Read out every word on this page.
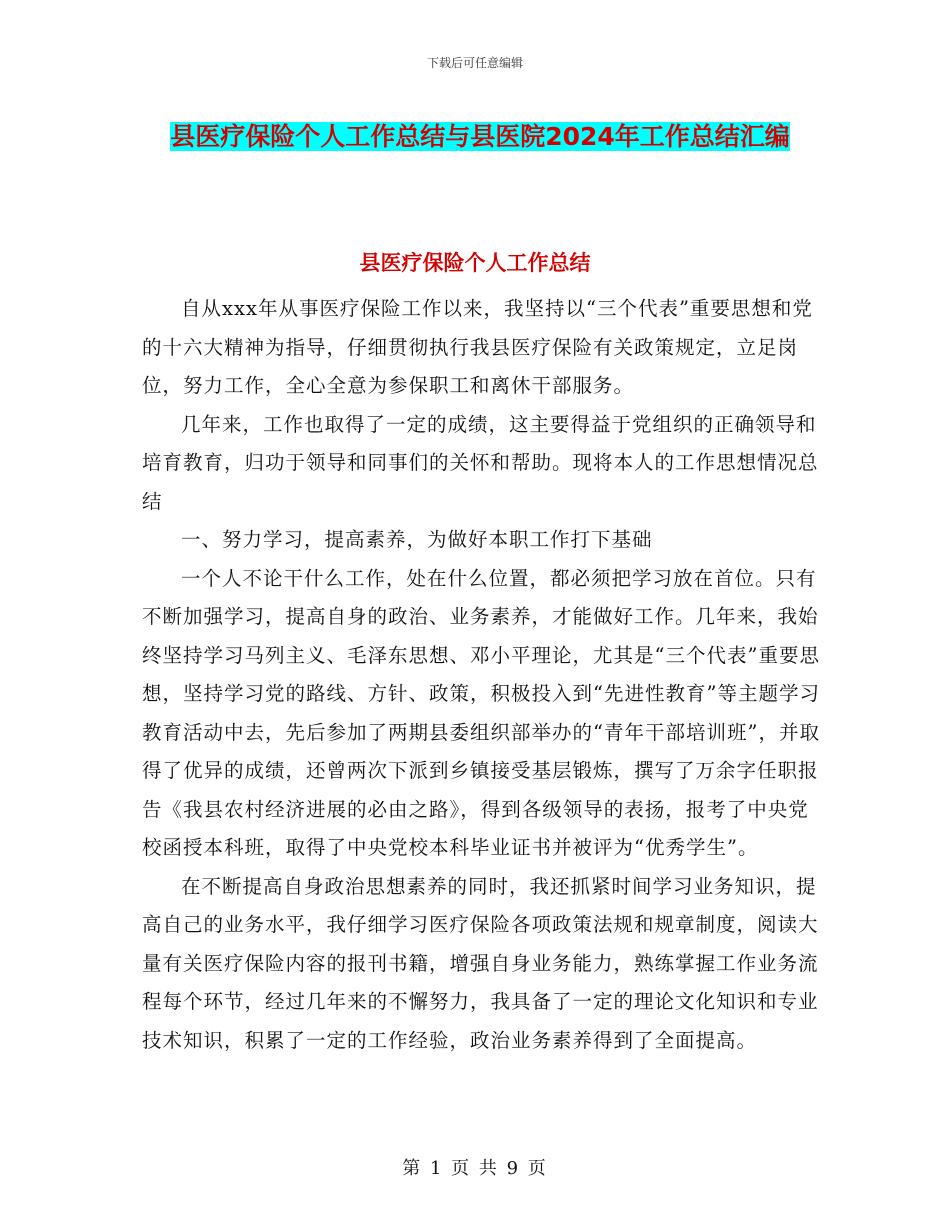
下载后可任意编辑
县医疗保险个人工作总结与县医院2024年工作总结汇编
县医疗保险个人工作总结

自从xxx年从事医疗保险工作以来，我坚持以“三个代表”重要思想和党的十六大精神为指导，仔细贯彻执行我县医疗保险有关政策规定，立足岗位，努力工作，全心全意为参保职工和离休干部服务。

几年来，工作也取得了一定的成绩，这主要得益于党组织的正确领导和培育教育，归功于领导和同事们的关怀和帮助。现将本人的工作思想情况总结

一、努力学习，提高素养，为做好本职工作打下基础

一个人不论干什么工作，处在什么位置，都必须把学习放在首位。只有不断加强学习，提高自身的政治、业务素养，才能做好工作。几年来，我始终坚持学习马列主义、毛泽东思想、邓小平理论，尤其是“三个代表”重要思想，坚持学习党的路线、方针、政策，积极投入到“先进性教育”等主题学习教育活动中去，先后参加了两期县委组织部举办的“青年干部培训班”，并取得了优异的成绩，还曾两次下派到乡镇接受基层锻炼，撰写了万余字任职报告《我县农村经济进展的必由之路》，得到各级领导的表扬，报考了中央党校函授本科班，取得了中央党校本科毕业证书并被评为“优秀学生”。

在不断提高自身政治思想素养的同时，我还抓紧时间学习业务知识，提高自己的业务水平，我仔细学习医疗保险各项政策法规和规章制度，阅读大量有关医疗保险内容的报刊书籍，增强自身业务能力，熟练掌握工作业务流程每个环节，经过几年来的不懈努力，我具备了一定的理论文化知识和专业技术知识，积累了一定的工作经验，政治业务素养得到了全面提高。

第 1 页 共 9 页
